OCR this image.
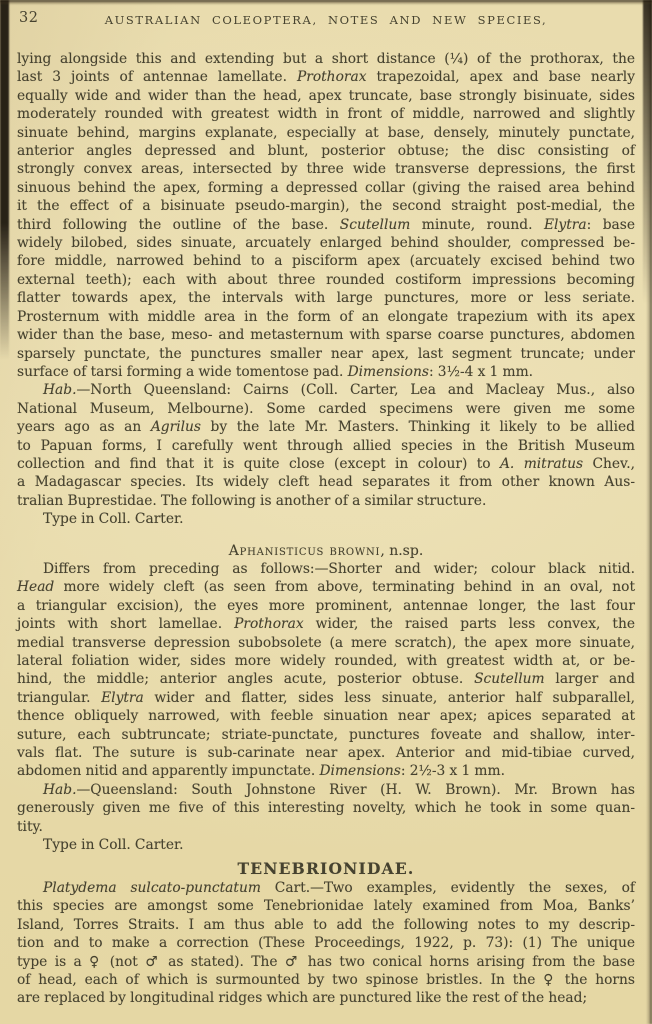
32	AUSTRALIAN COLEOPTERA, NOTES AND NEW SPECIES,
lying alongside this and extending but a short distance (¼) of the prothorax, the
last 3 joints of antennae lamellate. Prothorax trapezoidal, apex and base nearly
equally wide and wider than the head, apex truncate, base strongly bisinuate, sides
moderately rounded with greatest width in front of middle, narrowed and slightly
sinuate behind, margins explanate, especially at base, densely, minutely punctate,
anterior angles depressed and blunt, posterior obtuse; the disc consisting of
strongly convex areas, intersected by three wide transverse depressions, the first
sinuous behind the apex, forming a depressed collar (giving the raised area behind
it the effect of a bisinuate pseudo-margin), the second straight post-medial, the
third following the outline of the base. Scutellum minute, round. Elytra: base
widely bilobed, sides sinuate, arcuately enlarged behind shoulder, compressed be-
fore middle, narrowed behind to a pisciform apex (arcuately excised behind two
external teeth); each with about three rounded costiform impressions becoming
flatter towards apex, the intervals with large punctures, more or less seriate.
Prosternum with middle area in the form of an elongate trapezium with its apex
wider than the base, meso- and metasternum with sparse coarse punctures, abdomen
sparsely punctate, the punctures smaller near apex, last segment truncate; under
surface of tarsi forming a wide tomentose pad. Dimensions: 3½-4 x 1 mm.
Hab.—North Queensland: Cairns (Coll. Carter, Lea and Macleay Mus., also
National Museum, Melbourne). Some carded specimens were given me some
years ago as an Agrilus by the late Mr. Masters. Thinking it likely to be allied
to Papuan forms, I carefully went through allied species in the British Museum
collection and find that it is quite close (except in colour) to A. mitratus Chev.,
a Madagascar species. Its widely cleft head separates it from other known Aus-
tralian Buprestidae. The following is another of a similar structure.
Type in Coll. Carter.
Aphanisticus browni, n.sp.
Differs from preceding as follows:—Shorter and wider; colour black nitid.
Head more widely cleft (as seen from above, terminating behind in an oval, not
a triangular excision), the eyes more prominent, antennae longer, the last four
joints with short lamellae. Prothorax wider, the raised parts less convex, the
medial transverse depression subobsolete (a mere scratch), the apex more sinuate,
lateral foliation wider, sides more widely rounded, with greatest width at, or be-
hind, the middle; anterior angles acute, posterior obtuse. Scutellum larger and
triangular. Elytra wider and flatter, sides less sinuate, anterior half subparallel,
thence obliquely narrowed, with feeble sinuation near apex; apices separated at
suture, each subtruncate; striate-punctate, punctures foveate and shallow, inter-
vals flat. The suture is sub-carinate near apex. Anterior and mid-tibiae curved,
abdomen nitid and apparently impunctate. Dimensions: 2½-3 x 1 mm.
Hab.—Queensland: South Johnstone River (H. W. Brown). Mr. Brown has
generously given me five of this interesting novelty, which he took in some quan-
tity.
Type in Coll. Carter.
TENEBRIONIDAE.
Platydema sulcato-punctatum Cart.—Two examples, evidently the sexes, of
this species are amongst some Tenebrionidae lately examined from Moa, Banks’
Island, Torres Straits. I am thus able to add the following notes to my descrip-
tion and to make a correction (These Proceedings, 1922, p. 73): (1) The unique
type is a ♀ (not ♂ as stated). The ♂ has two conical horns arising from the base
of head, each of which is surmounted by two spinose bristles. In the ♀ the horns
are replaced by longitudinal ridges which are punctured like the rest of the head;
